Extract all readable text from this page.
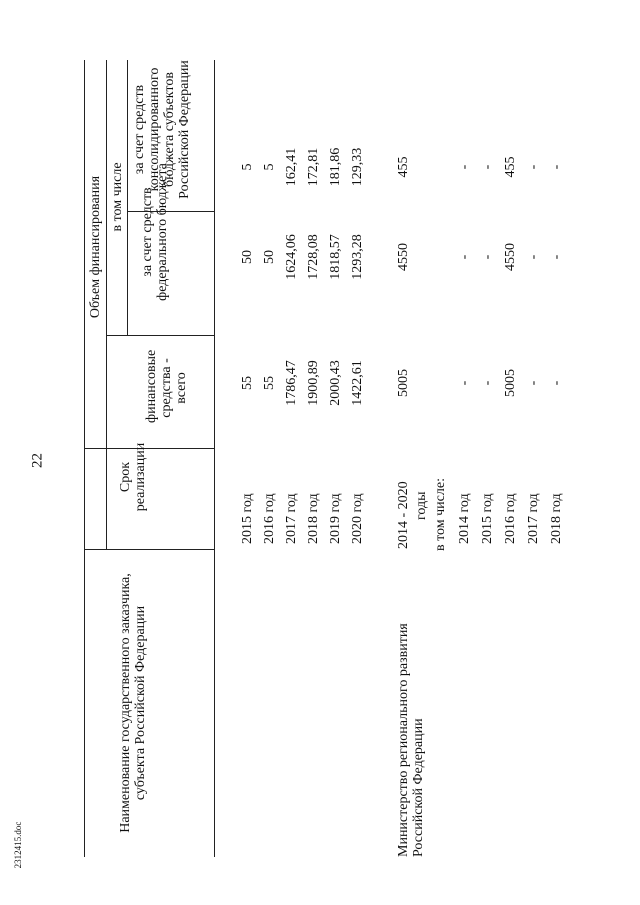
22
2312415.doc
Наименование государственного заказчика, субъекта Российской Федерации
Срок реализации
Объем финансирования
финансовые средства - всего
в том числе за счет средств федерального бюджета
за счет средств консолидированного бюджета субъектов Российской Федерации
2015 год 2016 год 2017 год 2018 год 2019 год 2020 год
55 55 1786,47 1900,89 2000,43 1422,61
50 50 1624,06 1728,08 1818,57 1293,28
5 5 162,41 172,81 181,86 129,33
Министерство регионального развития Российской Федерации
2014 - 2020 годы
5005
4550
455
в том числе: 2014 год 2015 год 2016 год 2017 год 2018 год
- - 5005 - -
- - 4550 - -
- - 455 - -
